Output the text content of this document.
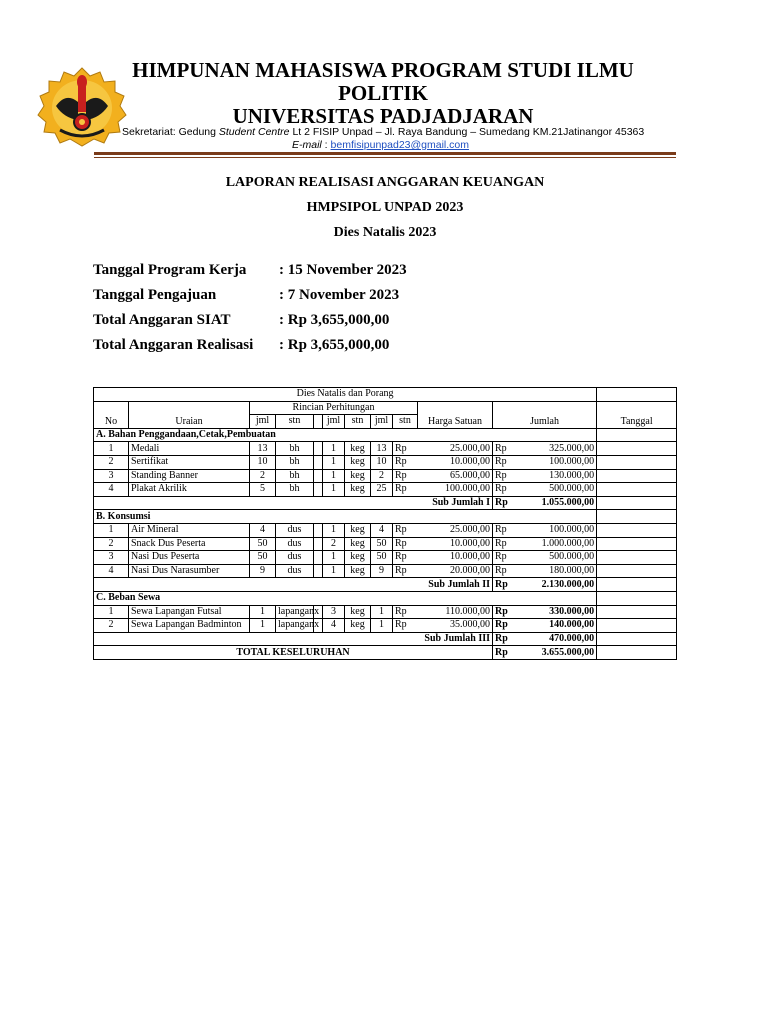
HIMPUNAN MAHASISWA PROGRAM STUDI ILMU
POLITIK
UNIVERSITAS PADJADJARAN
Sekretariat: Gedung Student Centre Lt 2 FISIP Unpad – Jl. Raya Bandung – Sumedang KM.21Jatinangor 45363
E-mail : bemfisipunpad23@gmail.com
LAPORAN REALISASI ANGGARAN KEUANGAN
HMPSIPOL UNPAD 2023
Dies Natalis 2023
Tanggal Program Kerja : 15 November 2023
Tanggal Pengajuan	: 7 November 2023
Total Anggaran SIAT	: Rp 3,655,000,00
Total Anggaran Realisasi : Rp 3,655,000,00
Dies Natalis dan Porang												
No	Uraian	Rincian Perhitungan							Harga Satuan	Jumlah		Tanggal
		jml	stn		jml	stn	jml	stn				
A. Bahan Penggandaan,Cetak,Pembuatan												
1	Medali	13	bh		1	keg	13	Rp	25.000,00	Rp	325.000,00	
2	Sertifikat	10	bh		1	keg	10	Rp	10.000,00	Rp	100.000,00	
3	Standing Banner	2	bh		1	keg	2	Rp	65.000,00	Rp	130.000,00	
4	Plakat Akrilik	5	bh		1	keg	25	Rp	100.000,00	Rp	500.000,00	
Sub Jumlah I										Rp	1.055.000,00	
B. Konsumsi												
1	Air Mineral	4	dus		1	keg	4	Rp	25.000,00	Rp	100.000,00	
2	Snack Dus Peserta	50	dus		2	keg	50	Rp	10.000,00	Rp	1.000.000,00	
3	Nasi Dus Peserta	50	dus		1	keg	50	Rp	10.000,00	Rp	500.000,00	
4	Nasi Dus Narasumber	9	dus		1	keg	9	Rp	20.000,00	Rp	180.000,00	
Sub Jumlah II										Rp	2.130.000,00	
C. Beban Sewa												
1	Sewa Lapangan Futsal	1	lapanganx		3	keg	1	Rp	110.000,00	Rp	330.000,00	
2	Sewa Lapangan Badminton	1	lapanganx		4	keg	1	Rp	35.000,00	Rp	140.000,00	
Sub Jumlah III										Rp	470.000,00	
TOTAL KESELURUHAN										Rp	3.655.000,00	
